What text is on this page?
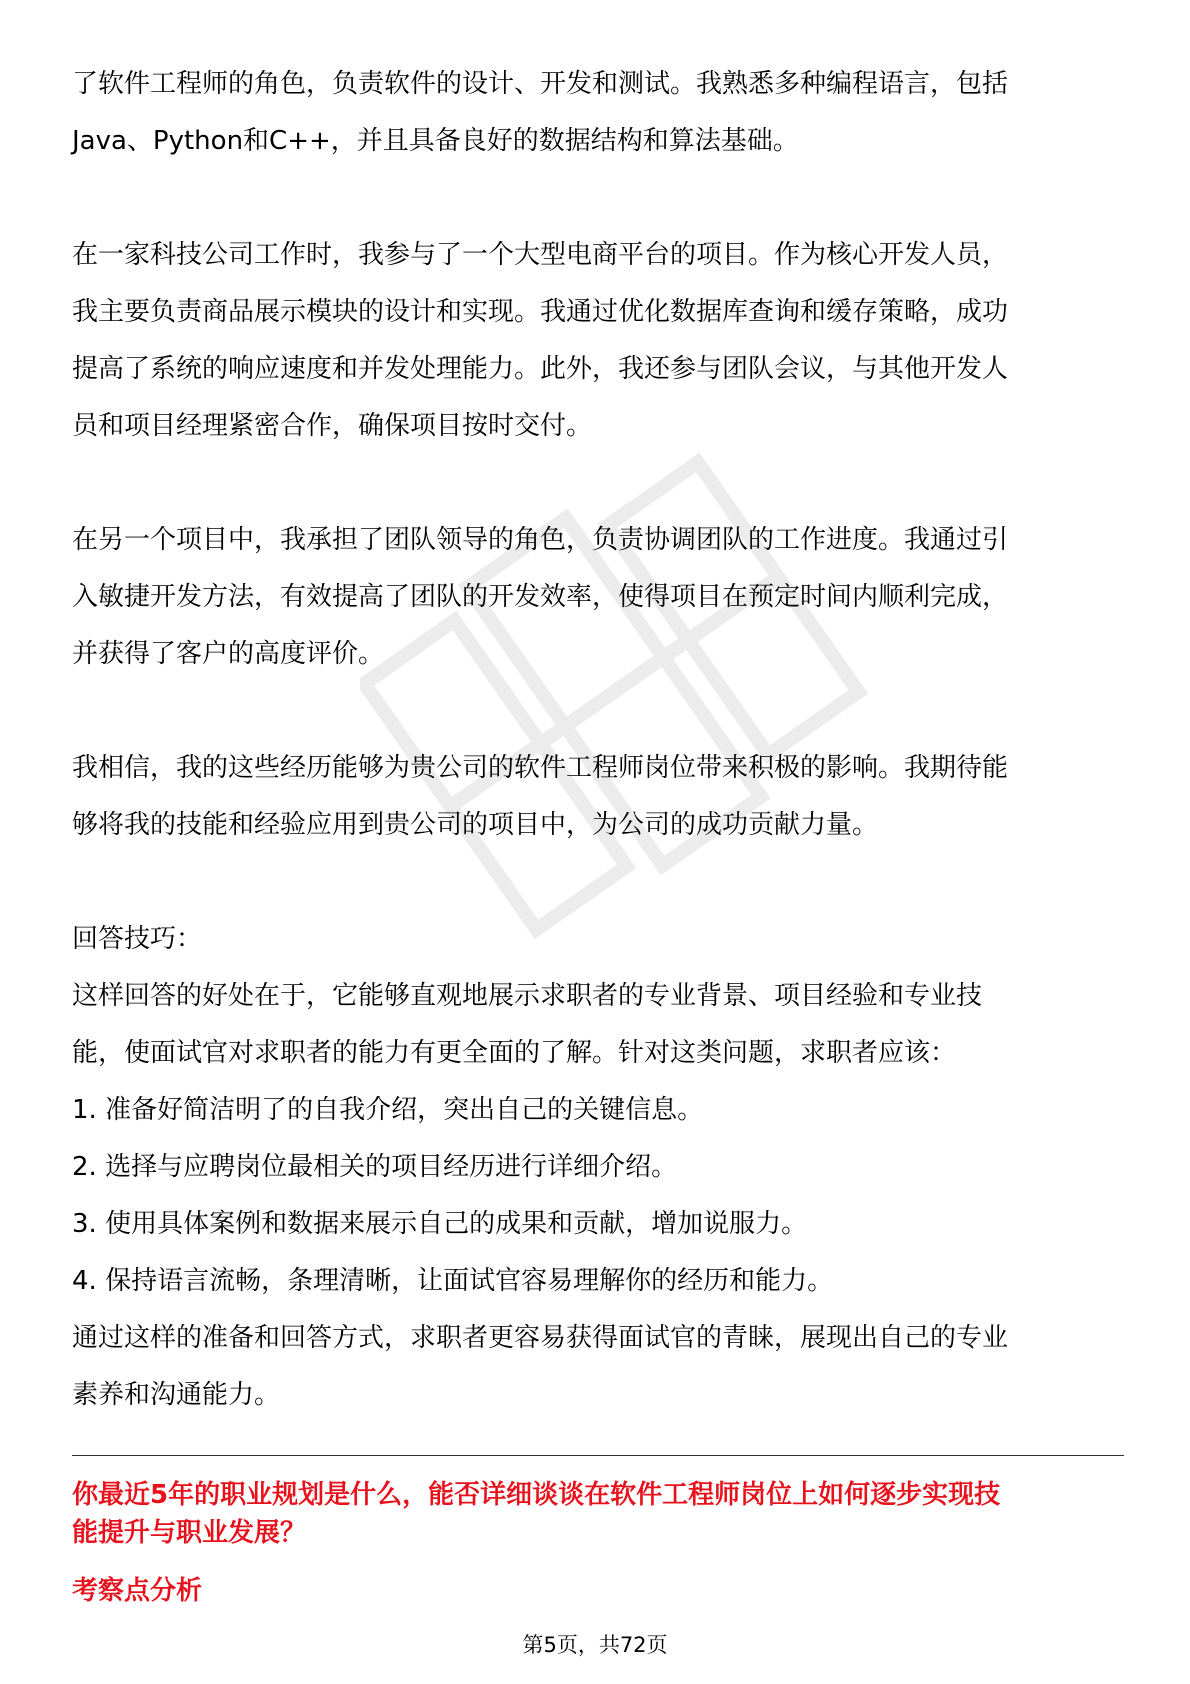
了软件工程师的角色，负责软件的设计、开发和测试。我熟悉多种编程语言，包括

Java、Python和C++，并且具备良好的数据结构和算法基础。

在一家科技公司工作时，我参与了一个大型电商平台的项目。作为核心开发人员，

我主要负责商品展示模块的设计和实现。我通过优化数据库查询和缓存策略，成功

提高了系统的响应速度和并发处理能力。此外，我还参与团队会议，与其他开发人

员和项目经理紧密合作，确保项目按时交付。

在另一个项目中，我承担了团队领导的角色，负责协调团队的工作进度。我通过引

入敏捷开发方法，有效提高了团队的开发效率，使得项目在预定时间内顺利完成，

并获得了客户的高度评价。

我相信，我的这些经历能够为贵公司的软件工程师岗位带来积极的影响。我期待能

够将我的技能和经验应用到贵公司的项目中，为公司的成功贡献力量。

回答技巧：

这样回答的好处在于，它能够直观地展示求职者的专业背景、项目经验和专业技

能，使面试官对求职者的能力有更全面的了解。针对这类问题，求职者应该：

1. 准备好简洁明了的自我介绍，突出自己的关键信息。

2. 选择与应聘岗位最相关的项目经历进行详细介绍。

3. 使用具体案例和数据来展示自己的成果和贡献，增加说服力。

4. 保持语言流畅，条理清晰，让面试官容易理解你的经历和能力。

通过这样的准备和回答方式，求职者更容易获得面试官的青睐，展现出自己的专业

素养和沟通能力。

你最近5年的职业规划是什么，能否详细谈谈在软件工程师岗位上如何逐步实现技

能提升与职业发展？

考察点分析
第5页，共72页
